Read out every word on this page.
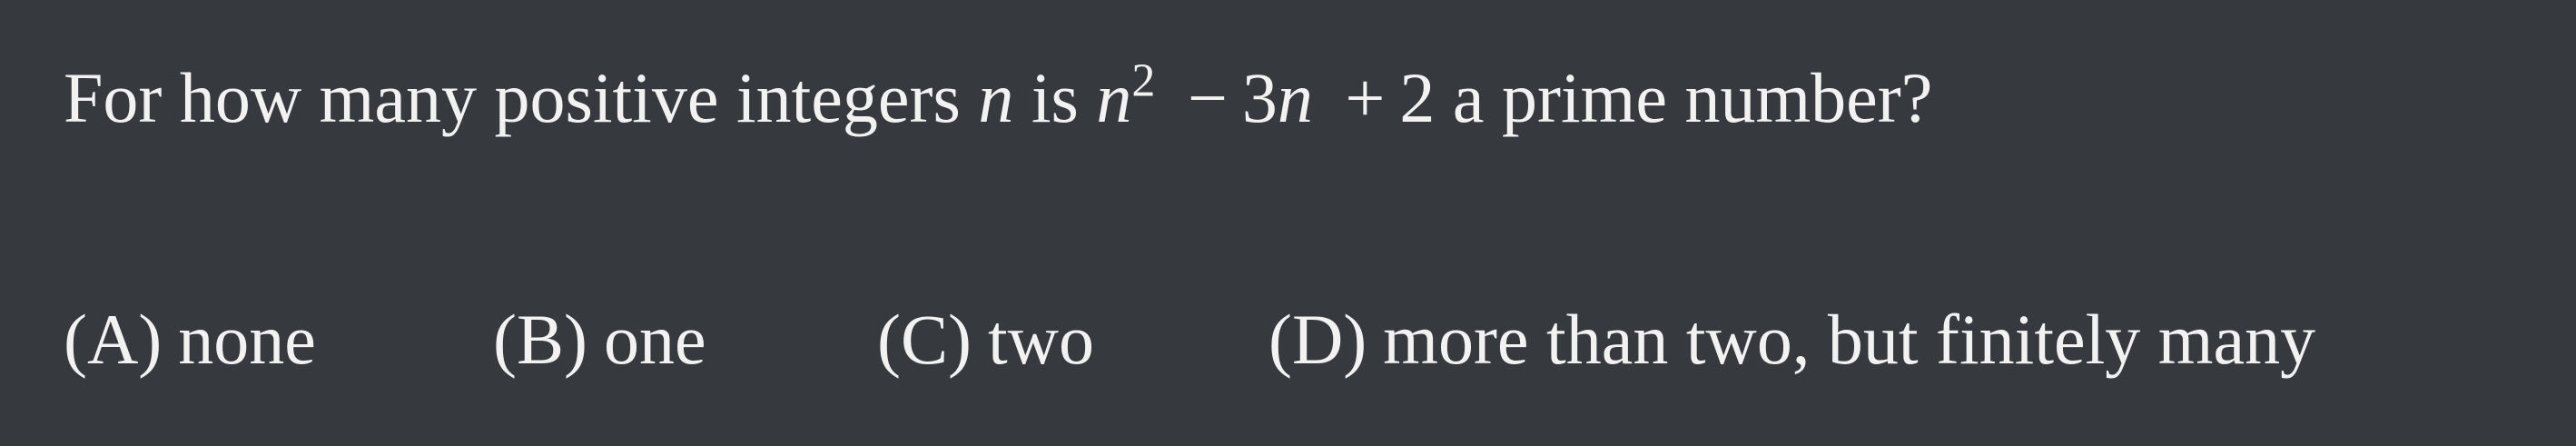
For how many positive integers n is $n^2 - 3n + 2$ a prime number?
(A) none	(B) one (C) two (D) more than two, but finitely many
